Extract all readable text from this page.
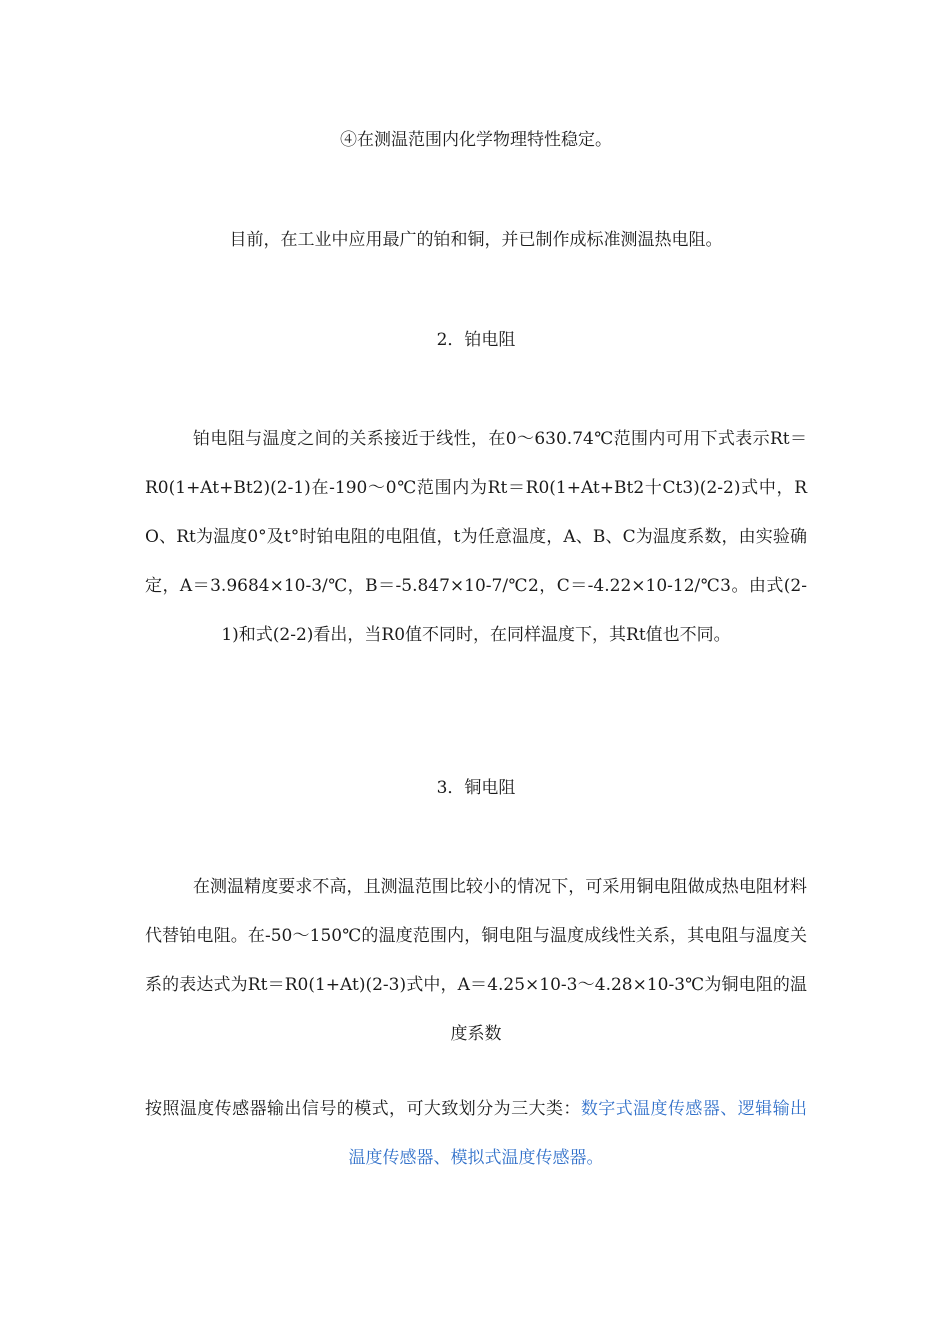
④在测温范围内化学物理特性稳定。

目前，在工业中应用最广的铂和铜，并已制作成标准测温热电阻。

2．铂电阻

铂电阻与温度之间的关系接近于线性，在0～630.74℃范围内可用下式表示Rt＝R0(1+At+Bt2)(2-1)在-190～0℃范围内为Rt＝R0(1+At+Bt2十Ct3)(2-2)式中，RO、Rt为温度0°及t°时铂电阻的电阻值，t为任意温度，A、B、C为温度系数，由实验确定，A＝3.9684×10-3/℃，B＝-5.847×10-7/℃2，C＝-4.22×10-12/℃3。由式(2-1)和式(2-2)看出，当R0值不同时，在同样温度下，其Rt值也不同。

3．铜电阻

在测温精度要求不高，且测温范围比较小的情况下，可采用铜电阻做成热电阻材料代替铂电阻。在-50～150℃的温度范围内，铜电阻与温度成线性关系，其电阻与温度关系的表达式为Rt＝R0(1+At)(2-3)式中，A＝4.25×10-3～4.28×10-3℃为铜电阻的温度系数

按照温度传感器输出信号的模式，可大致划分为三大类：数字式温度传感器、逻辑输出温度传感器、模拟式温度传感器。
